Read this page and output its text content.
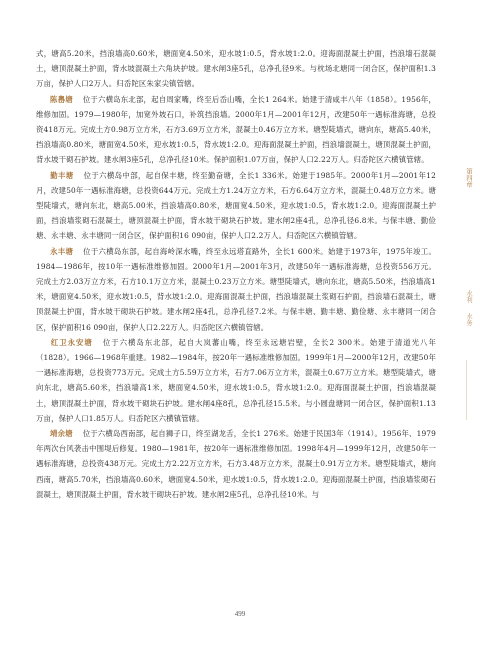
式，塘高5.20米，挡浪墙高0.60米，塘面宽4.50米，迎水坡1:0.5，背水坡1:2.0。迎海面混凝土护面，挡浪墙石混凝土，塘顶混凝土护面，背水坡混凝土六角块护坡。建水闸3座5孔，总净孔径9米。与枕场北塘同一闭合区，保护面积1.3万亩，保护人口2万人。归岙陀区朱家尖镇管辖。

陈嶴塘 位于六横岛东北部，起自周家嘴，终至后岙山嘴，全长1 264米。始建于清咸丰八年（1858）。1956年，维修加固。1979—1980年，加宽外坡石口，补筑挡浪墙。2000年1月—2001年12月，改建50年一遇标准海塘，总投资418万元。完成土方0.98万立方米，石方3.69万立方米，混凝土0.46万立方米。塘型陡墙式，塘向东，塘高5.40米，挡浪墙高0.80米，塘面宽4.50米，迎水坡1:0.5，背水坡1:2.0。迎海面混凝土护面，挡浪墙混凝土，塘顶混凝土护面，背水坡干砌石护坡。建水闸3座5孔，总净孔径10米。保护面积1.07万亩，保护人口2.22万人。归岙陀区六横镇管辖。

勤丰塘 位于六横岛中部，起自保丰塘，终至勤奋塘，全长1 336米。始建于1985年。2000年1月—2001年12月，改建50年一遇标准海塘，总投资644万元。完成土方1.24万立方米，石方6.64万立方米，混凝土0.48万立方米。塘型陡墙式，塘向东北，塘高5.00米，挡浪墙高0.80米，塘面宽4.50米，迎水坡1:0.5，背水坡1:2.0。迎海面混凝土护面，挡浪墙浆砌石混凝土，塘顶混凝土护面，背水坡干砌块石护坡。建水闸2座4孔，总净孔径6.8米。与保丰塘、勤俭塘、永丰塘、永丰塘同一闭合区，保护面积16 090亩，保护人口2.2万人。归岙陀区六横镇管辖。

永丰塘 位于六横岛东部，起自海岭深水嘴，终至永远塔直路外，全长1 600米。始建于1973年，1975年竣工。1984—1986年，按10年一遇标准维修加固。2000年1月—2001年3月，改建50年一遇标准海塘，总投资556万元。完成土方2.03万立方米，石方10.1万立方米，混凝土0.23万立方米。塘型陡墙式，塘向东北，塘高5.50米，挡浪墙高1米，塘面宽4.50米，迎水坡1:0.5，背水坡1:2.0。迎海面混凝土护面，挡浪墙混凝土浆砌石护面，挡浪墙石混凝土，塘顶混凝土护面，背水坡干砌块石护坡。建水闸2座4孔，总净孔径7.2米。与保丰塘、勤丰塘、勤俭塘、永丰塘同一闭合区，保护面积16 090亩，保护人口2.22万人。归岙陀区六横镇管辖。

红卫永安塘 位于六横岛东北部，起自大岚蕃山嘴，终至永远塘岩壁，全长2 300米。始建于清道光八年（1828）。1966—1968年重建。1982—1984年，按20年一遇标准维修加固。1999年1月—2000年12月，改建50年一遇标准海塘，总投资773万元。完成土方5.59万立方米，石方7.06万立方米，混凝土0.67万立方米。塘型陡墙式，塘向东北，塘高5.60米，挡浪墙高1米，塘面宽4.50米，迎水坡1:0.5，背水坡1:2.0。迎海面混凝土护面，挡浪墙混凝土，塘顶混凝土护面，背水坡干砌块石护坡。建水闸4座8孔，总净孔径15.5米。与小圆盘塘同一闭合区，保护面积1.13万亩，保护人口1.85万人。归岙陀区六横镇管辖。

靖余塘 位于六横岛西南部，起自狮子口，终至湖龙舌，全长1 276米。始建于民国3年（1914）。1956年、1979年两次台风袭击中围堤后修复。1980—1981年，按20年一遇标准维修加固。1998年4月—1999年12月，改建50年一遇标准海塘，总投资438万元。完成土方2.22万立方米，石方3.48万立方米，混凝土0.91万立方米。塘型陡墙式，塘向西南，塘高5.70米，挡浪墙高0.60米，塘面宽4.50米，迎水坡1:0.5，背水坡1:2.0。迎海面混凝土护面，挡浪墙浆砌石混凝土，塘顶混凝土护面，背水坡干砌块石护坡。建水闸2座5孔，总净孔径10米。与

第四章
水利
水务
499
